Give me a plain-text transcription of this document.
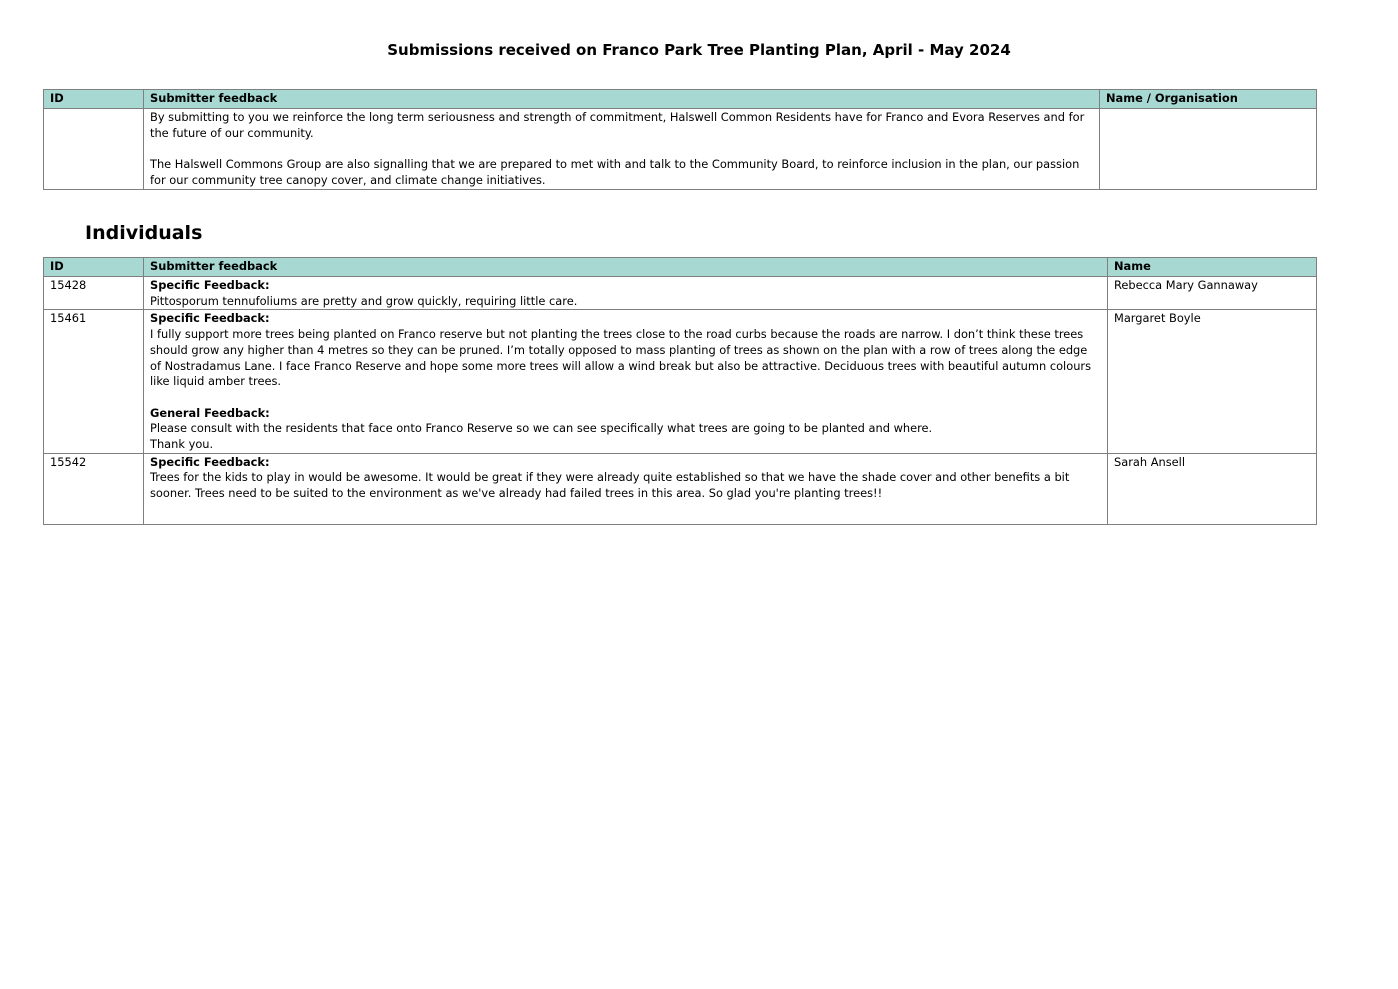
Submissions received on Franco Park Tree Planting Plan, April - May 2024
ID	Submitter feedback	Name / Organisation

	By submitting to you we reinforce the long term seriousness and strength of commitment, Halswell Common Residents have for Franco and Evora Reserves and for the future of our community.
The Halswell Commons Group are also signalling that we are prepared to met with and talk to the Community Board, to reinforce inclusion in the plan, our passion for our community tree canopy cover, and climate change initiatives.	

Individuals
ID	Submitter feedback	Name
15428	Specific Feedback:
Pittosporum tennufoliums are pretty and grow quickly, requiring little care.	Rebecca Mary Gannaway
15461	Specific Feedback:
I fully support more trees being planted on Franco reserve but not planting the trees close to the road curbs because the roads are narrow. I don’t think these trees should grow any higher than 4 metres so they can be pruned. I’m totally opposed to mass planting of trees as shown on the plan with a row of trees along the edge of Nostradamus Lane. I face Franco Reserve and hope some more trees will allow a wind break but also be attractive. Deciduous trees with beautiful autumn colours like liquid amber trees.
General Feedback:
Please consult with the residents that face onto Franco Reserve so we can see specifically what trees are going to be planted and where.
Thank you.	Margaret Boyle
15542	Specific Feedback:
Trees for the kids to play in would be awesome. It would be great if they were already quite established so that we have the shade cover and other benefits a bit sooner. Trees need to be suited to the environment as we've already had failed trees in this area. So glad you're planting trees!!	Sarah Ansell
